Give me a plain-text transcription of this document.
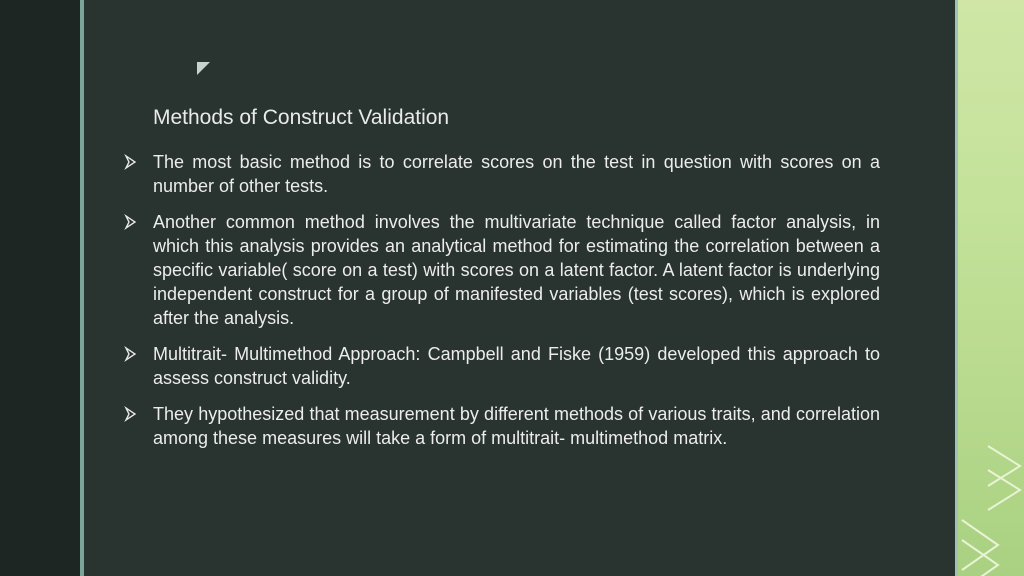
Methods of Construct Validation
The most basic method is to correlate scores on the test in question with scores on a number of other tests.
Another common method involves the multivariate technique called factor analysis, in which this analysis provides an analytical method for estimating the correlation between a specific variable( score on a test) with scores on a latent factor. A latent factor is underlying independent construct for a group of manifested variables (test scores), which is explored after the analysis.
Multitrait- Multimethod Approach: Campbell and Fiske (1959) developed this approach to assess construct validity.
They hypothesized that measurement by different methods of various traits, and correlation among these measures will take a form of multitrait- multimethod matrix.
